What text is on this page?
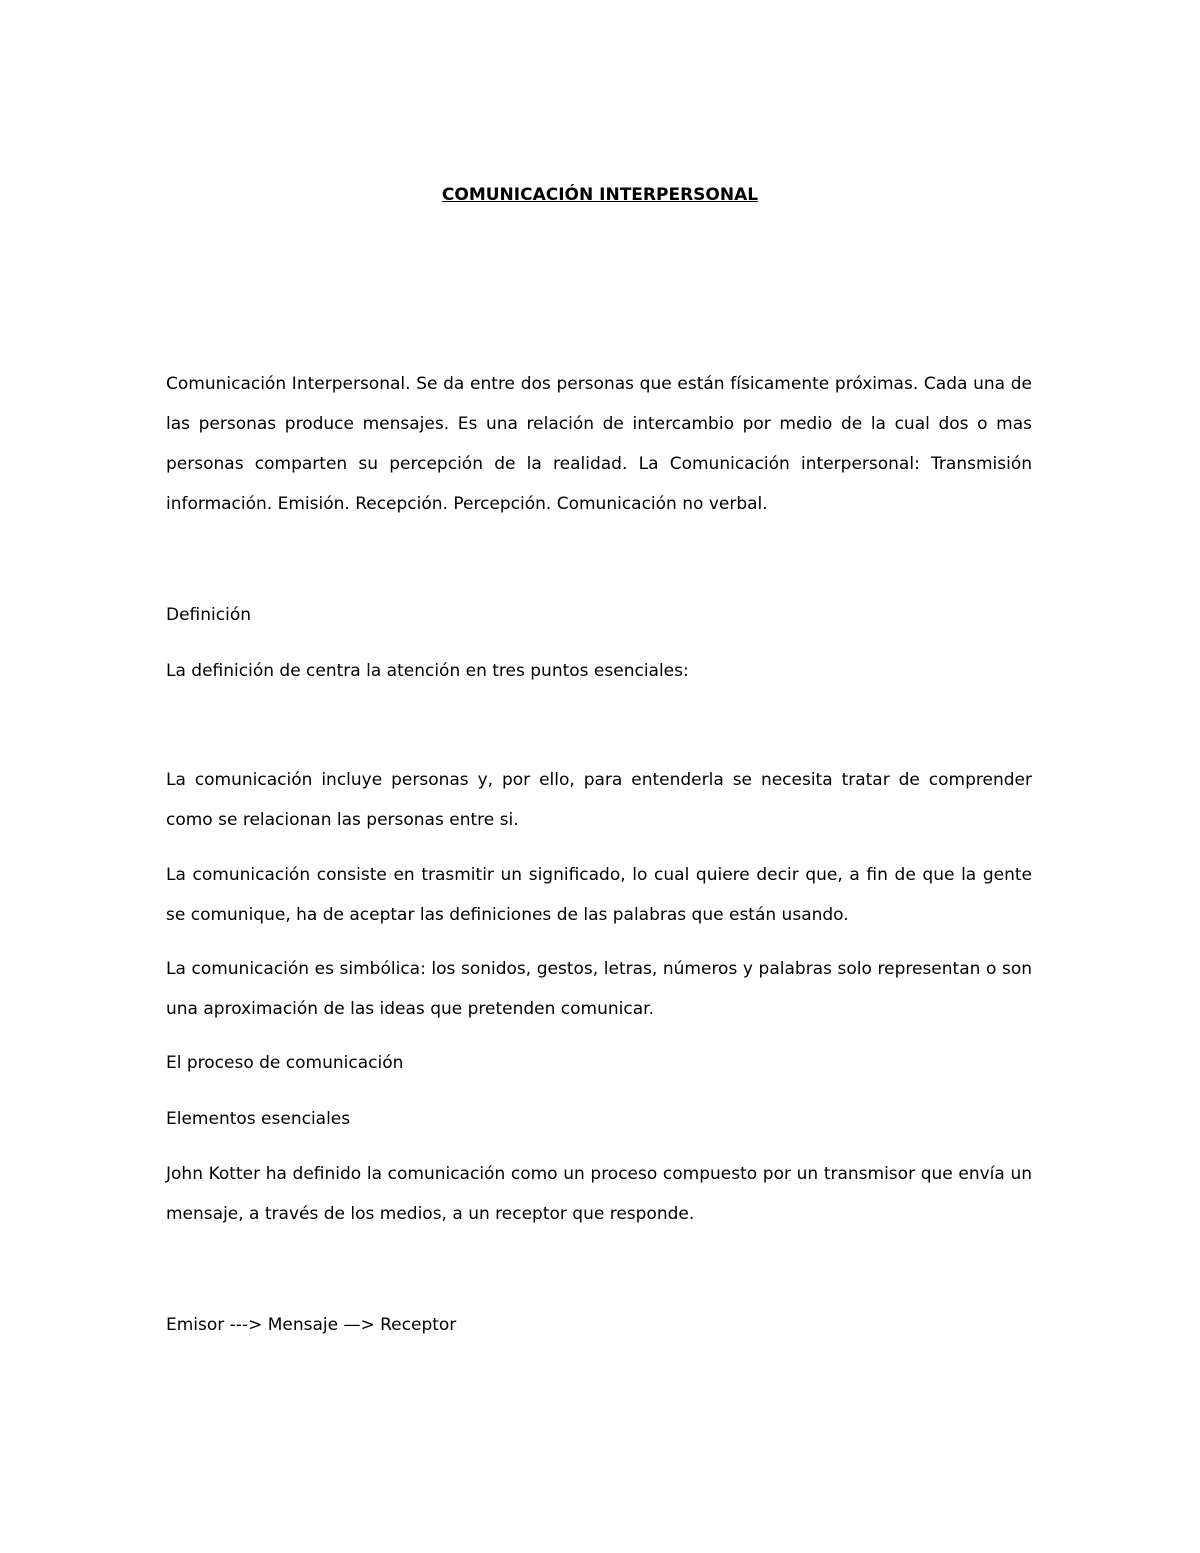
COMUNICACIÓN INTERPERSONAL
Comunicación Interpersonal. Se da entre dos personas que están físicamente próximas. Cada una de las personas produce mensajes. Es una relación de intercambio por medio de la cual dos o mas personas comparten su percepción de la realidad. La Comunicación interpersonal: Transmisión información. Emisión. Recepción. Percepción. Comunicación no verbal.
Definición
La definición de centra la atención en tres puntos esenciales:
La comunicación incluye personas y, por ello, para entenderla se necesita tratar de comprender como se relacionan las personas entre si.
La comunicación consiste en trasmitir un significado, lo cual quiere decir que, a fin de que la gente se comunique, ha de aceptar las definiciones de las palabras que están usando.
La comunicación es simbólica: los sonidos, gestos, letras, números y palabras solo representan o son una aproximación de las ideas que pretenden comunicar.
El proceso de comunicación
Elementos esenciales
John Kotter ha definido la comunicación como un proceso compuesto por un transmisor que envía un mensaje, a través de los medios, a un receptor que responde.
Emisor ---> Mensaje —> Receptor
